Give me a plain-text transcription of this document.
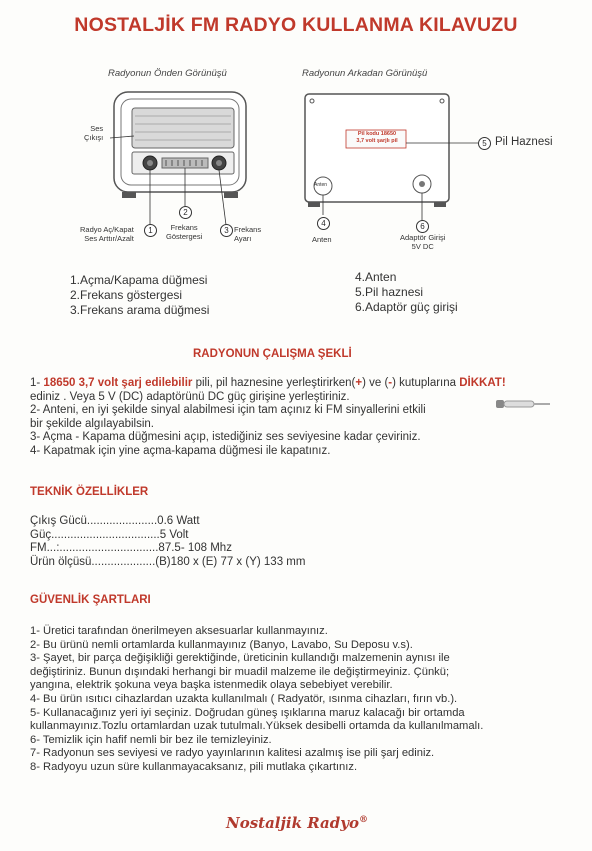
NOSTALJİK FM RADYO KULLANMA KILAVUZU
Radyonun Önden Görünüşü	Radyonun Arkadan Görünüşü
Ses
Çıkışı
Radyo Aç/Kapat
Ses Arttır/Azalt
1
2
Frekans
Göstergesi
3 Frekans
Ayarı
Pil kodu 18650
3,7 volt şarjlı pil	5 Pil Haznesi
Anten
4
Anten
6
Adaptör Girişi
5V DC
1.Açma/Kapama düğmesi
2.Frekans göstergesi
3.Frekans arama düğmesi
4.Anten
5.Pil haznesi
6.Adaptör güç girişi
RADYONUN ÇALIŞMA ŞEKLİ
1- 18650 3,7 volt şarj edilebilir pili, pil haznesine yerleştirirken(+) ve (-) kutuplarına DİKKAT!
ediniz . Veya 5 V (DC) adaptörünü DC güç girişine yerleştiriniz.
2- Anteni, en iyi şekilde sinyal alabilmesi için tam açınız ki FM sinyallerini etkili
bir şekilde algılayabilsin.
3- Açma - Kapama düğmesini açıp, istediğiniz ses seviyesine kadar çeviriniz.
4- Kapatmak için yine açma-kapama düğmesi ile kapatınız.
TEKNİK ÖZELLİKLER
Çıkış Gücü......................0.6 Watt
Güç..................................5 Volt
FM...:...............................87.5- 108 Mhz
Ürün ölçüsü....................(B)180 x (E) 77 x (Y) 133 mm
GÜVENLİK ŞARTLARI
1- Üretici tarafından önerilmeyen aksesuarlar kullanmayınız.
2- Bu ürünü nemli ortamlarda kullanmayınız (Banyo, Lavabo, Su Deposu v.s).
3- Şayet, bir parça değişikliği gerektiğinde, üreticinin kullandığı malzemenin aynısı ile
değiştiriniz. Bunun dışındaki herhangi bir muadil malzeme ile değiştirmeyiniz. Çünkü;
yangına, elektrik şokuna veya başka istenmedik olaya sebebiyet verebilir.
4- Bu ürün ısıtıcı cihazlardan uzakta kullanılmalı ( Radyatör, ısınma cihazları, fırın vb.).
5- Kullanacağınız yeri iyi seçiniz. Doğrudan güneş ışıklarına maruz kalacağı bir ortamda
kullanmayınız.Tozlu ortamlardan uzak tutulmalı.Yüksek desibelli ortamda da kullanılmamalı.
6- Temizlik için hafif nemli bir bez ile temizleyiniz.
7- Radyonun ses seviyesi ve radyo yayınlarının kalitesi azalmış ise pili şarj ediniz.
8- Radyoyu uzun süre kullanmayacaksanız, pili mutlaka çıkartınız.
Nostaljik Radyo®
